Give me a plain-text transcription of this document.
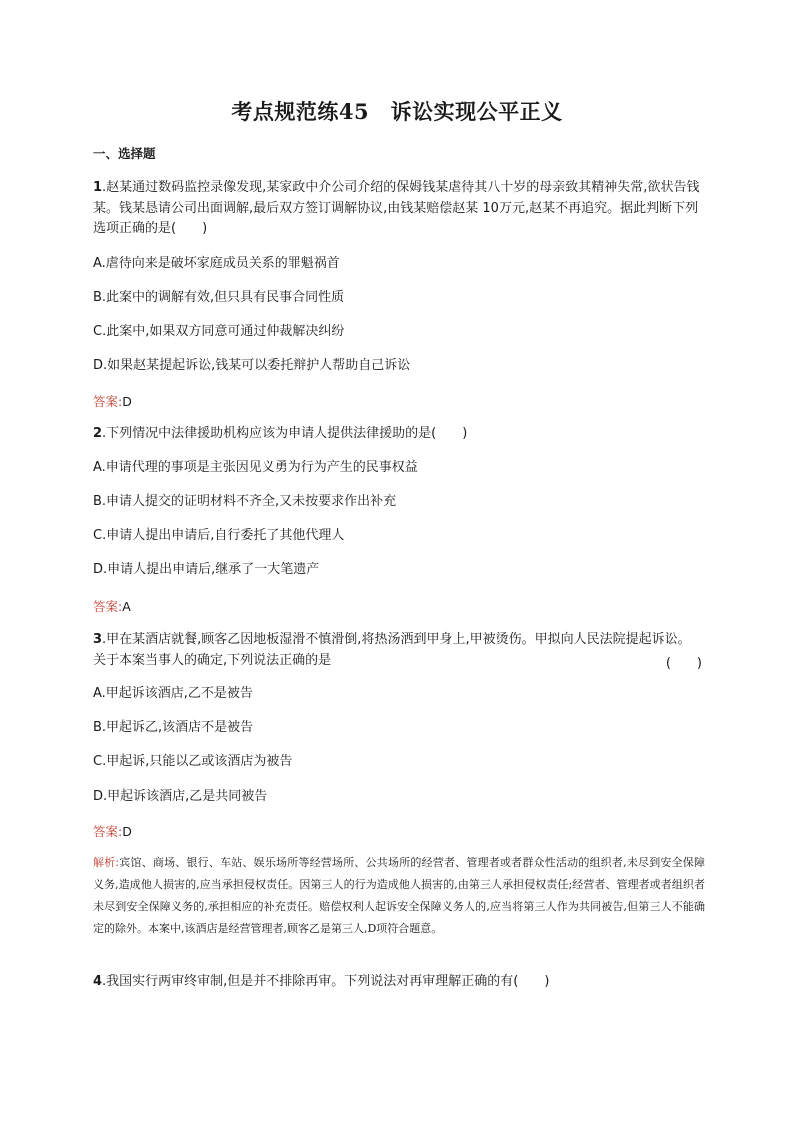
考点规范练45　诉讼实现公平正义
一、选择题
1.赵某通过数码监控录像发现,某家政中介公司介绍的保姆钱某虐待其八十岁的母亲致其精神失常,欲状告钱某。钱某恳请公司出面调解,最后双方签订调解协议,由钱某赔偿赵某 10万元,赵某不再追究。据此判断下列选项正确的是(　　)
A.虐待向来是破坏家庭成员关系的罪魁祸首
B.此案中的调解有效,但只具有民事合同性质
C.此案中,如果双方同意可通过仲裁解决纠纷
D.如果赵某提起诉讼,钱某可以委托辩护人帮助自己诉讼
答案:D
2.下列情况中法律援助机构应该为申请人提供法律援助的是(　　)
A.申请代理的事项是主张因见义勇为行为产生的民事权益
B.申请人提交的证明材料不齐全,又未按要求作出补充
C.申请人提出申请后,自行委托了其他代理人
D.申请人提出申请后,继承了一大笔遗产
答案:A
3.甲在某酒店就餐,顾客乙因地板湿滑不慎滑倒,将热汤洒到甲身上,甲被烫伤。甲拟向人民法院提起诉讼。关于本案当事人的确定,下列说法正确的是	(　　)
A.甲起诉该酒店,乙不是被告
B.甲起诉乙,该酒店不是被告
C.甲起诉,只能以乙或该酒店为被告
D.甲起诉该酒店,乙是共同被告
答案:D
解析:宾馆、商场、银行、车站、娱乐场所等经营场所、公共场所的经营者、管理者或者群众性活动的组织者,未尽到安全保障义务,造成他人损害的,应当承担侵权责任。因第三人的行为造成他人损害的,由第三人承担侵权责任;经营者、管理者或者组织者未尽到安全保障义务的,承担相应的补充责任。赔偿权利人起诉安全保障义务人的,应当将第三人作为共同被告,但第三人不能确定的除外。本案中,该酒店是经营管理者,顾客乙是第三人,D项符合题意。
4.我国实行两审终审制,但是并不排除再审。下列说法对再审理解正确的有(　　)
